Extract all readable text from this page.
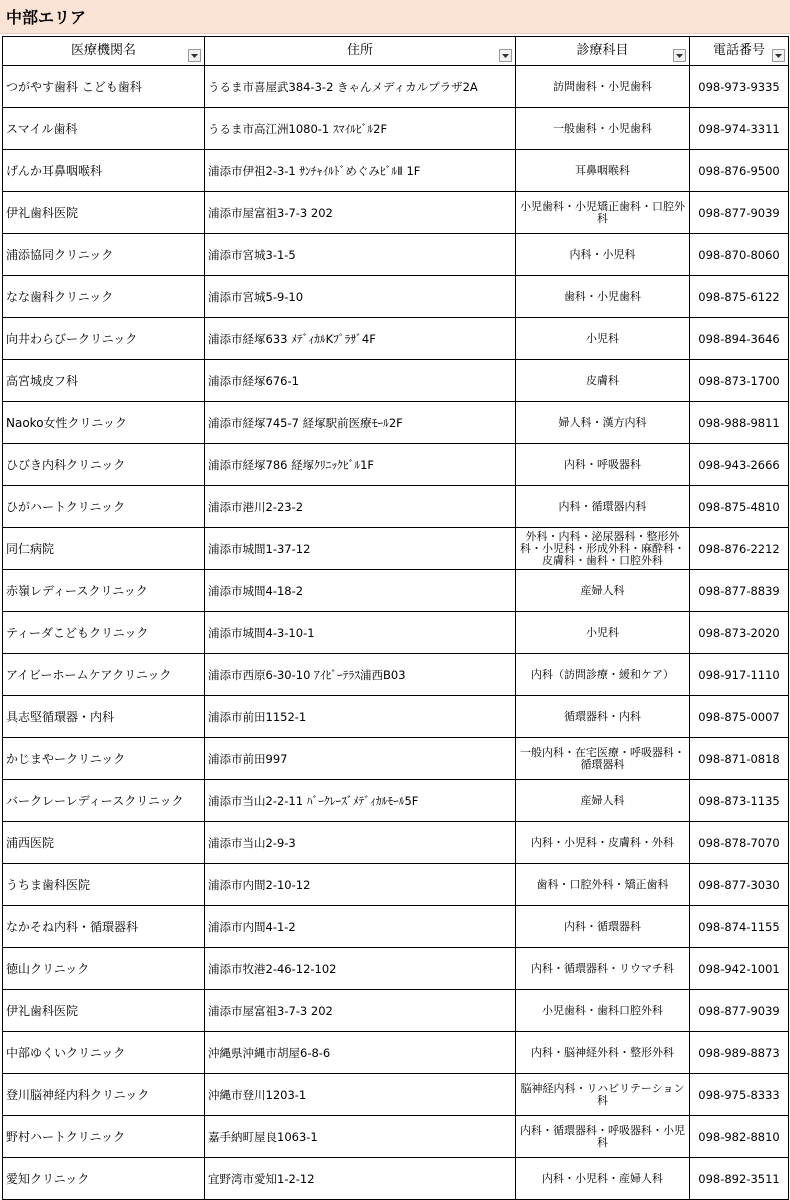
中部エリア
医療機関名	住所	診療科目	電話番号

つがやす歯科 こども歯科	うるま市喜屋武384-3-2 きゃんメディカルプラザ2A	訪問歯科・小児歯科	098-973-9335
スマイル歯科	うるま市高江洲1080-1 ｽﾏｲﾙﾋﾞﾙ2F	一般歯科・小児歯科	098-974-3311
げんか耳鼻咽喉科	浦添市伊祖2-3-1 ｻﾝﾁｬｲﾙﾄﾞめぐみﾋﾞﾙⅡ 1F	耳鼻咽喉科	098-876-9500
伊礼歯科医院	浦添市屋富祖3-7-3 202	小児歯科・小児矯正歯科・口腔外科	098-877-9039
浦添協同クリニック	浦添市宮城3-1-5	内科・小児科	098-870-8060
なな歯科クリニック	浦添市宮城5-9-10	歯科・小児歯科	098-875-6122
向井わらびークリニック	浦添市経塚633 ﾒﾃﾞｨｶﾙKﾌﾟﾗｻﾞ4F	小児科	098-894-3646
高宮城皮フ科	浦添市経塚676-1	皮膚科	098-873-1700
Naoko女性クリニック	浦添市経塚745-7 経塚駅前医療ﾓｰﾙ2F	婦人科・漢方内科	098-988-9811
ひびき内科クリニック	浦添市経塚786 経塚ｸﾘﾆｯｸﾋﾞﾙ1F	内科・呼吸器科	098-943-2666
ひがハートクリニック	浦添市港川2-23-2	内科・循環器内科	098-875-4810
同仁病院	浦添市城間1-37-12	外科・内科・泌尿器科・整形外科・小児科・形成外科・麻酔科・皮膚科・歯科・口腔外科	098-876-2212
赤嶺レディースクリニック	浦添市城間4-18-2	産婦人科	098-877-8839
ティーダこどもクリニック	浦添市城間4-3-10-1	小児科	098-873-2020
アイビーホームケアクリニック	浦添市西原6-30-10 ｱｲﾋﾞｰﾃﾗｽ浦西B03	内科（訪問診療・緩和ケア）	098-917-1110
具志堅循環器・内科	浦添市前田1152-1	循環器科・内科	098-875-0007
かじまやークリニック	浦添市前田997	一般内科・在宅医療・呼吸器科・循環器科	098-871-0818
バークレーレディースクリニック	浦添市当山2-2-11 ﾊﾞｰｸﾚｰｽﾞﾒﾃﾞｨｶﾙﾓｰﾙ5F	産婦人科	098-873-1135
浦西医院	浦添市当山2-9-3	内科・小児科・皮膚科・外科	098-878-7070
うちま歯科医院	浦添市内間2-10-12	歯科・口腔外科・矯正歯科	098-877-3030
なかそね内科・循環器科	浦添市内間4-1-2	内科・循環器科	098-874-1155
徳山クリニック	浦添市牧港2-46-12-102	内科・循環器科・リウマチ科	098-942-1001
伊礼歯科医院	浦添市屋富祖3-7-3 202	小児歯科・歯科口腔外科	098-877-9039
中部ゆくいクリニック	沖縄県沖縄市胡屋6-8-6	内科・脳神経外科・整形外科	098-989-8873
登川脳神経内科クリニック	沖縄市登川1203-1	脳神経内科・リハビリテーション科	098-975-8333
野村ハートクリニック	嘉手納町屋良1063-1	内科・循環器科・呼吸器科・小児科	098-982-8810
愛知クリニック	宜野湾市愛知1-2-12	内科・小児科・産婦人科	098-892-3511
